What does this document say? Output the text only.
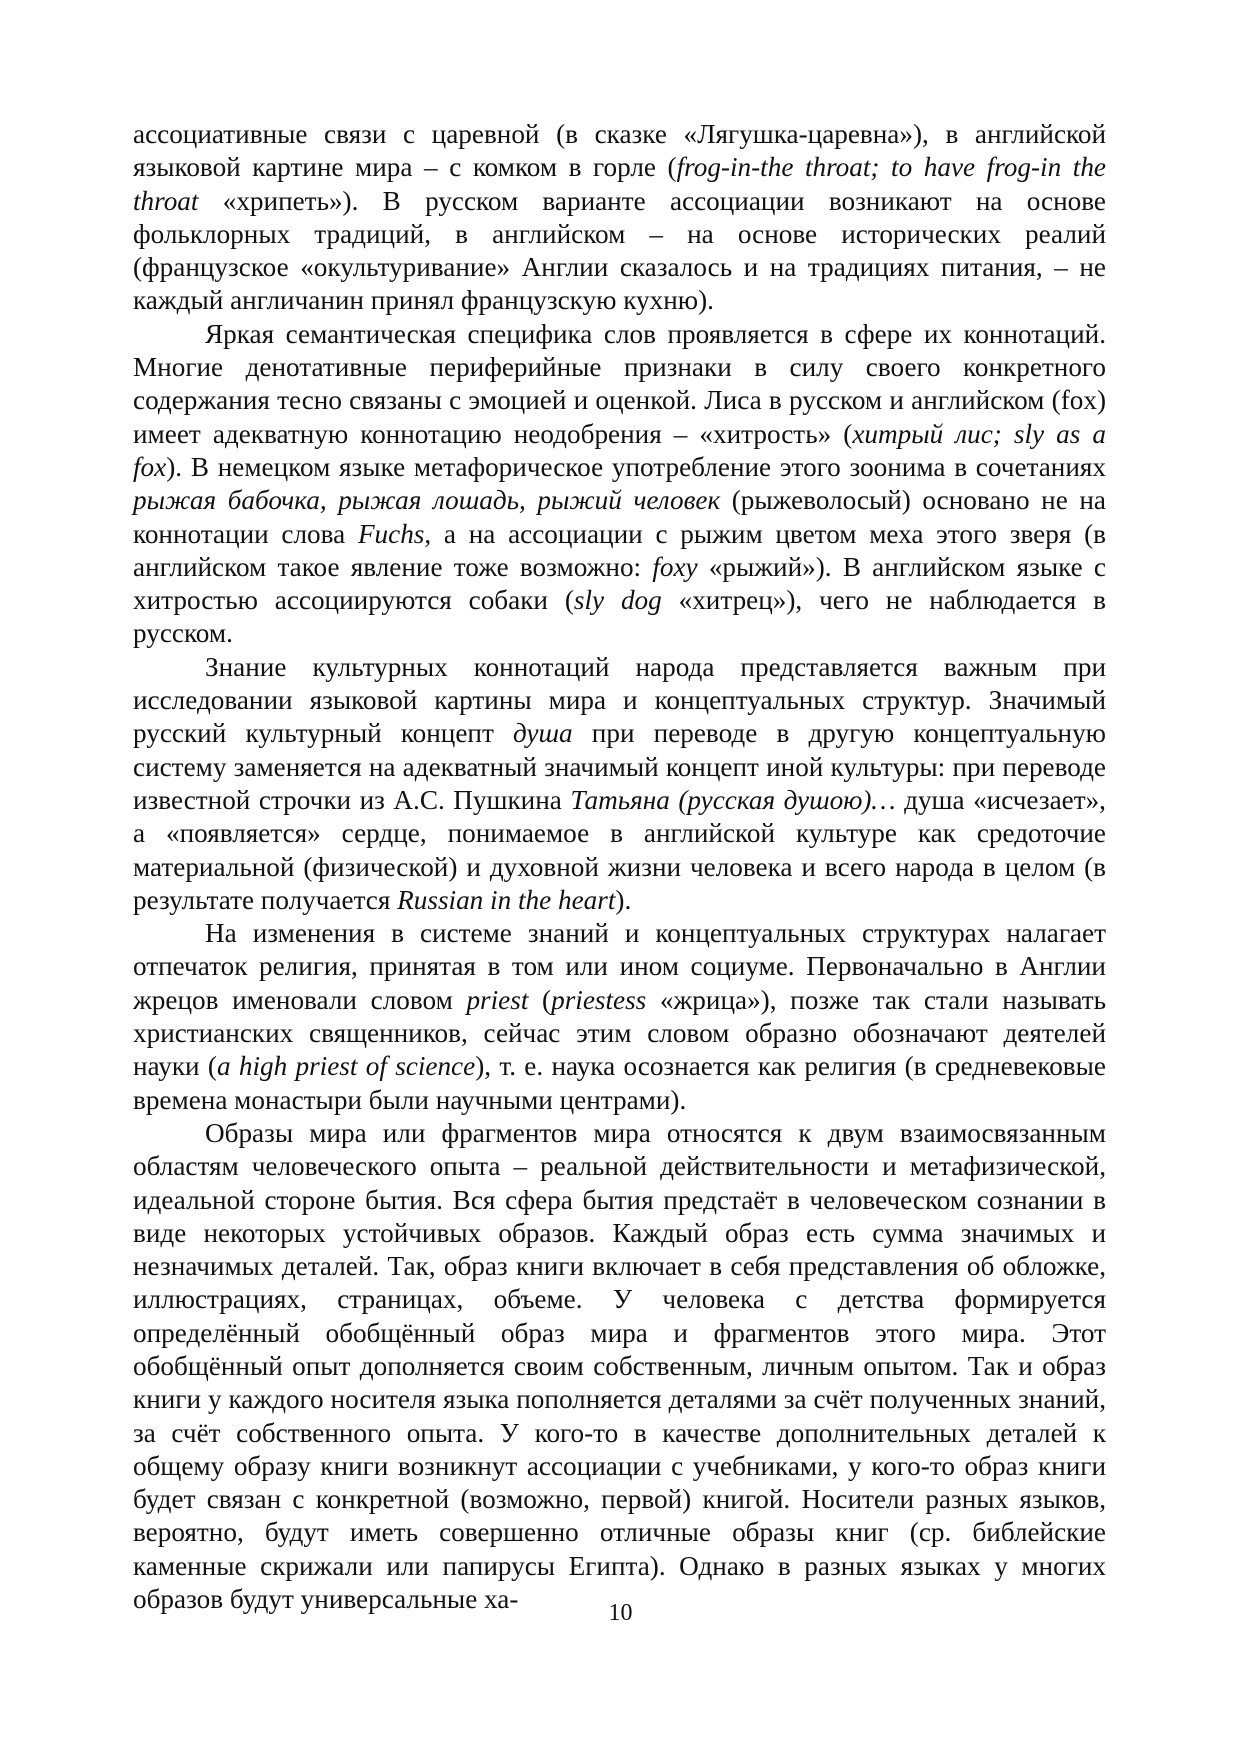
ассоциативные связи с царевной (в сказке «Лягушка-царевна»), в английской языковой картине мира – с комком в горле (frog-in-the throat; to have frog-in the throat «хрипеть»). В русском варианте ассоциации возникают на основе фольклорных традиций, в английском – на основе исторических реалий (французское «окультуривание» Англии сказалось и на традициях питания, – не каждый англичанин принял французскую кухню).

Яркая семантическая специфика слов проявляется в сфере их коннотаций. Многие денотативные периферийные признаки в силу своего конкретного содержания тесно связаны с эмоцией и оценкой. Лиса в русском и английском (fox) имеет адекватную коннотацию неодобрения – «хитрость» (хитрый лис; sly as a fox). В немецком языке метафорическое употребление этого зоонима в сочетаниях рыжая бабочка, рыжая лошадь, рыжий человек (рыжеволосый) основано не на коннотации слова Fuchs, а на ассоциации с рыжим цветом меха этого зверя (в английском такое явление тоже возможно: foxy «рыжий»). В английском языке с хитростью ассоциируются собаки (sly dog «хитрец»), чего не наблюдается в русском.

Знание культурных коннотаций народа представляется важным при исследовании языковой картины мира и концептуальных структур. Значимый русский культурный концепт душа при переводе в другую концептуальную систему заменяется на адекватный значимый концепт иной культуры: при переводе известной строчки из А.С. Пушкина Татьяна (русская душою)… душа «исчезает», а «появляется» сердце, понимаемое в английской культуре как средоточие материальной (физической) и духовной жизни человека и всего народа в целом (в результате получается Russian in the heart).

На изменения в системе знаний и концептуальных структурах налагает отпечаток религия, принятая в том или ином социуме. Первоначально в Англии жрецов именовали словом priest (priestess «жрица»), позже так стали называть христианских священников, сейчас этим словом образно обозначают деятелей науки (a high priest of science), т. е. наука осознается как религия (в средневековые времена монастыри были научными центрами).

Образы мира или фрагментов мира относятся к двум взаимосвязанным областям человеческого опыта – реальной действительности и метафизической, идеальной стороне бытия. Вся сфера бытия предстаёт в человеческом сознании в виде некоторых устойчивых образов. Каждый образ есть сумма значимых и незначимых деталей. Так, образ книги включает в себя представления об обложке, иллюстрациях, страницах, объеме. У человека с детства формируется определённый обобщённый образ мира и фрагментов этого мира. Этот обобщённый опыт дополняется своим собственным, личным опытом. Так и образ книги у каждого носителя языка пополняется деталями за счёт полученных знаний, за счёт собственного опыта. У кого-то в качестве дополнительных деталей к общему образу книги возникнут ассоциации с учебниками, у кого-то образ книги будет связан с конкретной (возможно, первой) книгой. Носители разных языков, вероятно, будут иметь совершенно отличные образы книг (ср. библейские каменные скрижали или папирусы Египта). Однако в разных языках у многих образов будут универсальные ха-	10
